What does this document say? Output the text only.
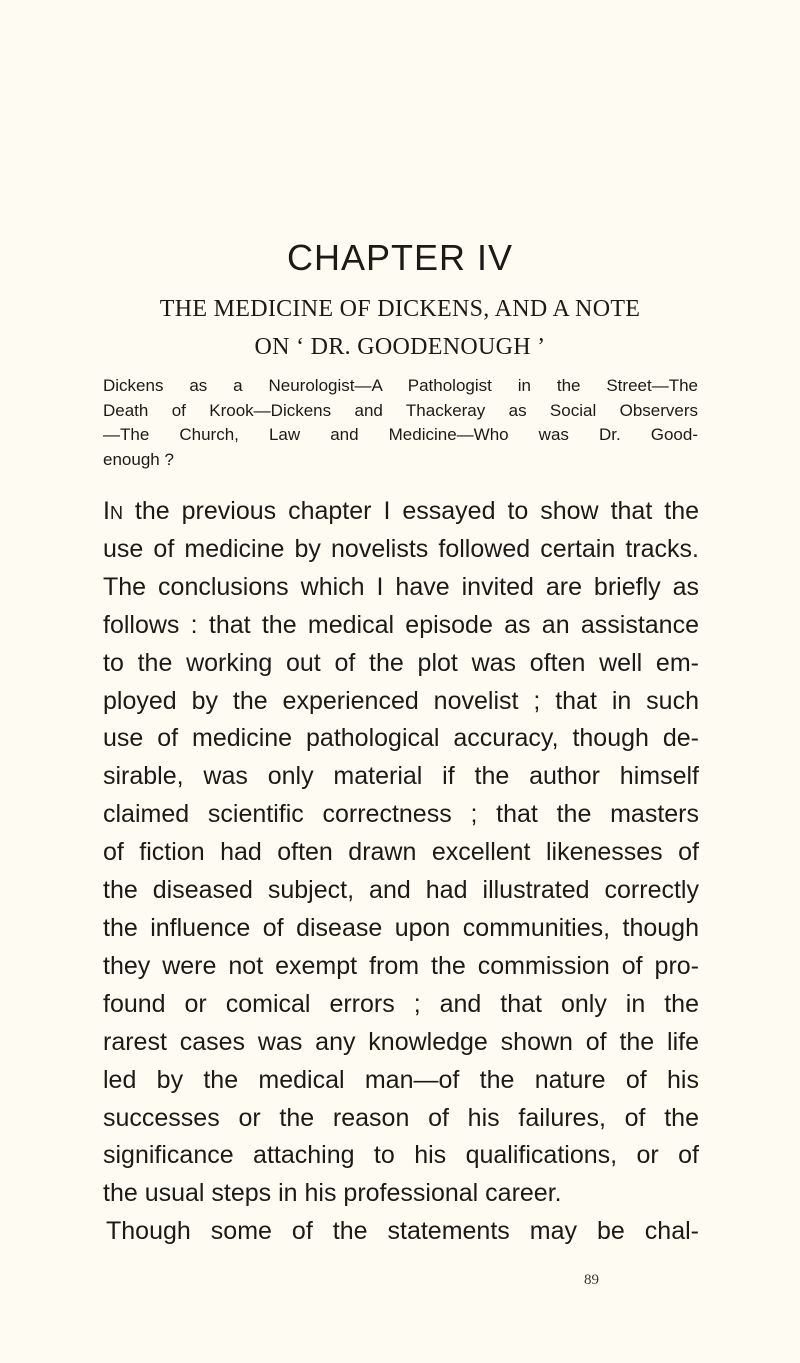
CHAPTER IV
THE MEDICINE OF DICKENS, AND A NOTE
ON ‘ DR. GOODENOUGH ’
Dickens as a Neurologist—A Pathologist in the Street—The
Death of Krook—Dickens and Thackeray as Social Observers
—The Church, Law and Medicine—Who was Dr. Good-
enough ?
In the previous chapter I essayed to show that the
use of medicine by novelists followed certain tracks.
The conclusions which I have invited are briefly as
follows : that the medical episode as an assistance
to the working out of the plot was often well em-
ployed by the experienced novelist ; that in such
use of medicine pathological accuracy, though de-
sirable, was only material if the author himself
claimed scientific correctness ; that the masters
of fiction had often drawn excellent likenesses of
the diseased subject, and had illustrated correctly
the influence of disease upon communities, though
they were not exempt from the commission of pro-
found or comical errors ; and that only in the
rarest cases was any knowledge shown of the life
led by the medical man—of the nature of his
successes or the reason of his failures, of the
significance attaching to his qualifications, or of
the usual steps in his professional career.
Though some of the statements may be chal-
89
